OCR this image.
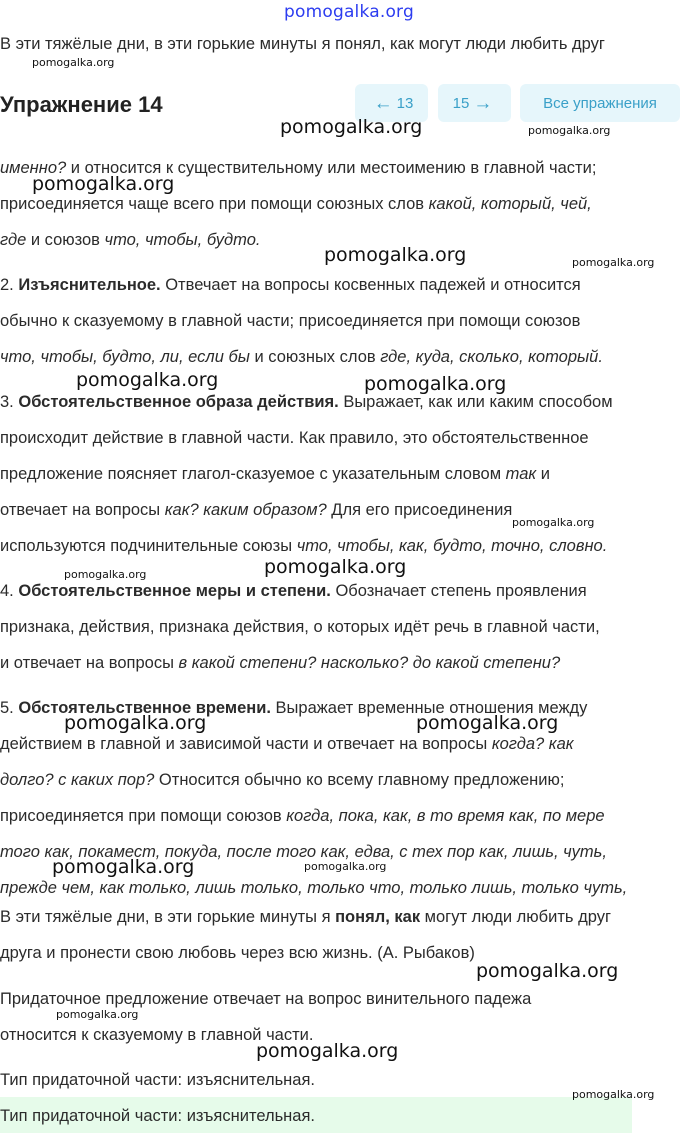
pomogalka.org
В эти тяжёлые дни, в эти горькие минуты я понял, как могут люди любить друг
Упражнение 14	← 13	15 →	Все упражнения
именно? и относится к существительному или местоимению в главной части;
присоединяется чаще всего при помощи союзных слов какой, который, чей,
где и союзов что, чтобы, будто.
2. Изъяснительное. Отвечает на вопросы косвенных падежей и относится
обычно к сказуемому в главной части; присоединяется при помощи союзов
что, чтобы, будто, ли, если бы и союзных слов где, куда, сколько, который.
3. Обстоятельственное образа действия. Выражает, как или каким способом
происходит действие в главной части. Как правило, это обстоятельственное
предложение поясняет глагол-сказуемое с указательным словом так и
отвечает на вопросы как? каким образом? Для его присоединения
используются подчинительные союзы что, чтобы, как, будто, точно, словно.
4. Обстоятельственное меры и степени. Обозначает степень проявления
признака, действия, признака действия, о которых идёт речь в главной части,
и отвечает на вопросы в какой степени? насколько? до какой степени?
5. Обстоятельственное времени. Выражает временные отношения между
действием в главной и зависимой части и отвечает на вопросы когда? как
долго? с каких пор? Относится обычно ко всему главному предложению;
присоединяется при помощи союзов когда, пока, как, в то время как, по мере
того как, покамест, покуда, после того как, едва, с тех пор как, лишь, чуть,
прежде чем, как только, лишь только, только что, только лишь, только чуть,
В эти тяжёлые дни, в эти горькие минуты я понял, как могут люди любить друг
друга и пронести свою любовь через всю жизнь. (А. Рыбаков)
Придаточное предложение отвечает на вопрос винительного падежа
относится к сказуемому в главной части.
Тип придаточной части: изъяснительная.
Тип придаточной части: изъяснительная.
pomogalka.org
pomogalka.org	pomogalka.org
pomogalka.org
pomogalka.org	pomogalka.org
pomogalka.org	pomogalka.org
pomogalka.org
pomogalka.org
pomogalka.org
pomogalka.org	pomogalka.org
pomogalka.org	pomogalka.org
pomogalka.org
pomogalka.org
pomogalka.org
pomogalka.org
